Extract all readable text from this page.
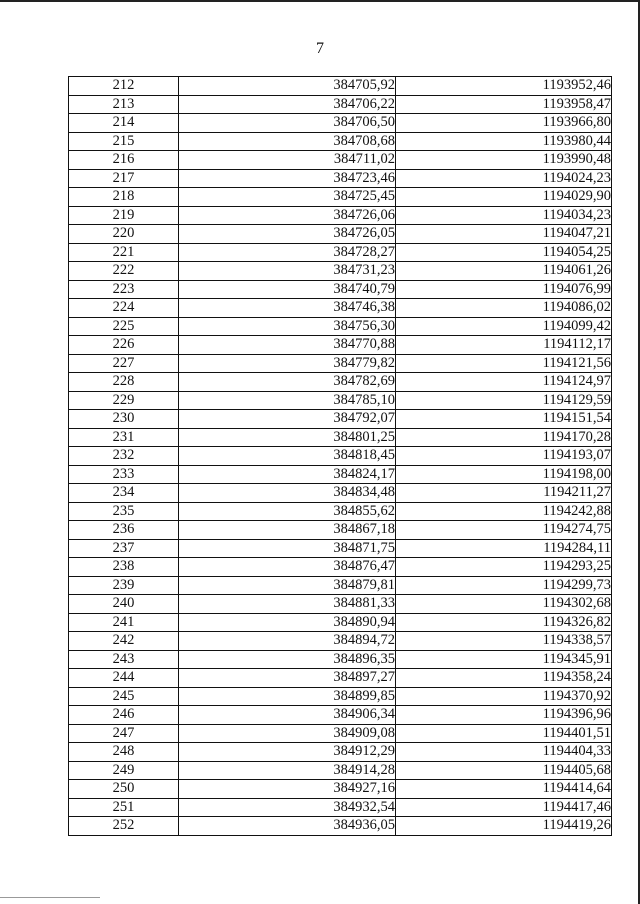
7
212	384705,92	1193952,46
213	384706,22	1193958,47
214	384706,50	1193966,80
215	384708,68	1193980,44
216	384711,02	1193990,48
217	384723,46	1194024,23
218	384725,45	1194029,90
219	384726,06	1194034,23
220	384726,05	1194047,21
221	384728,27	1194054,25
222	384731,23	1194061,26
223	384740,79	1194076,99
224	384746,38	1194086,02
225	384756,30	1194099,42
226	384770,88	1194112,17
227	384779,82	1194121,56
228	384782,69	1194124,97
229	384785,10	1194129,59
230	384792,07	1194151,54
231	384801,25	1194170,28
232	384818,45	1194193,07
233	384824,17	1194198,00
234	384834,48	1194211,27
235	384855,62	1194242,88
236	384867,18	1194274,75
237	384871,75	1194284,11
238	384876,47	1194293,25
239	384879,81	1194299,73
240	384881,33	1194302,68
241	384890,94	1194326,82
242	384894,72	1194338,57
243	384896,35	1194345,91
244	384897,27	1194358,24
245	384899,85	1194370,92
246	384906,34	1194396,96
247	384909,08	1194401,51
248	384912,29	1194404,33
249	384914,28	1194405,68
250	384927,16	1194414,64
251	384932,54	1194417,46
252	384936,05	1194419,26
